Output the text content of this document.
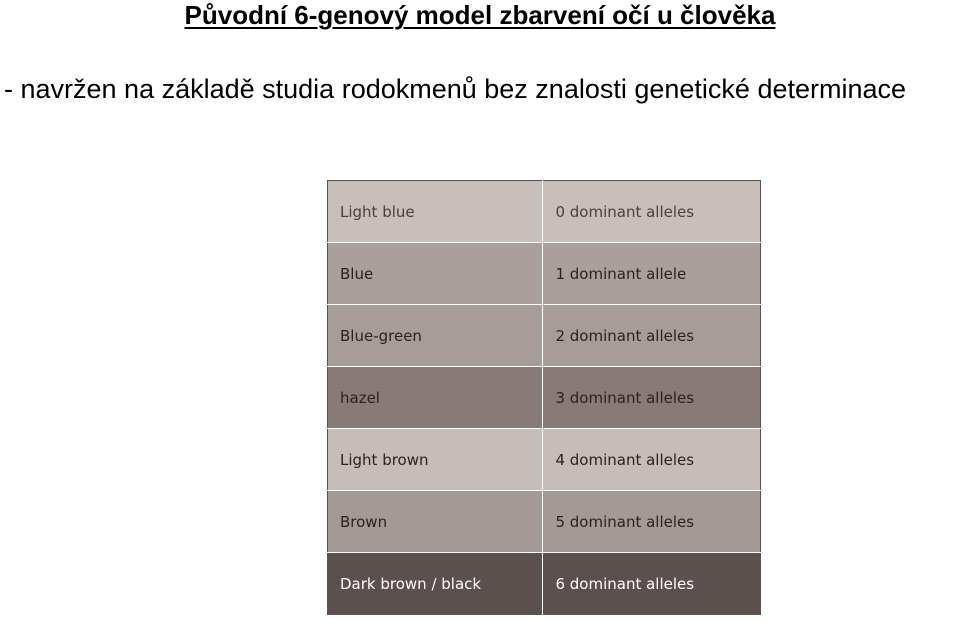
Původní 6-genový model zbarvení očí u člověka
- navržen na základě studia rodokmenů bez znalosti genetické determinace
Light blue	0 dominant alleles
Blue	1 dominant allele
Blue-green	2 dominant alleles
hazel	3 dominant alleles
Light brown	4 dominant alleles
Brown	5 dominant alleles
Dark brown / black	6 dominant alleles
